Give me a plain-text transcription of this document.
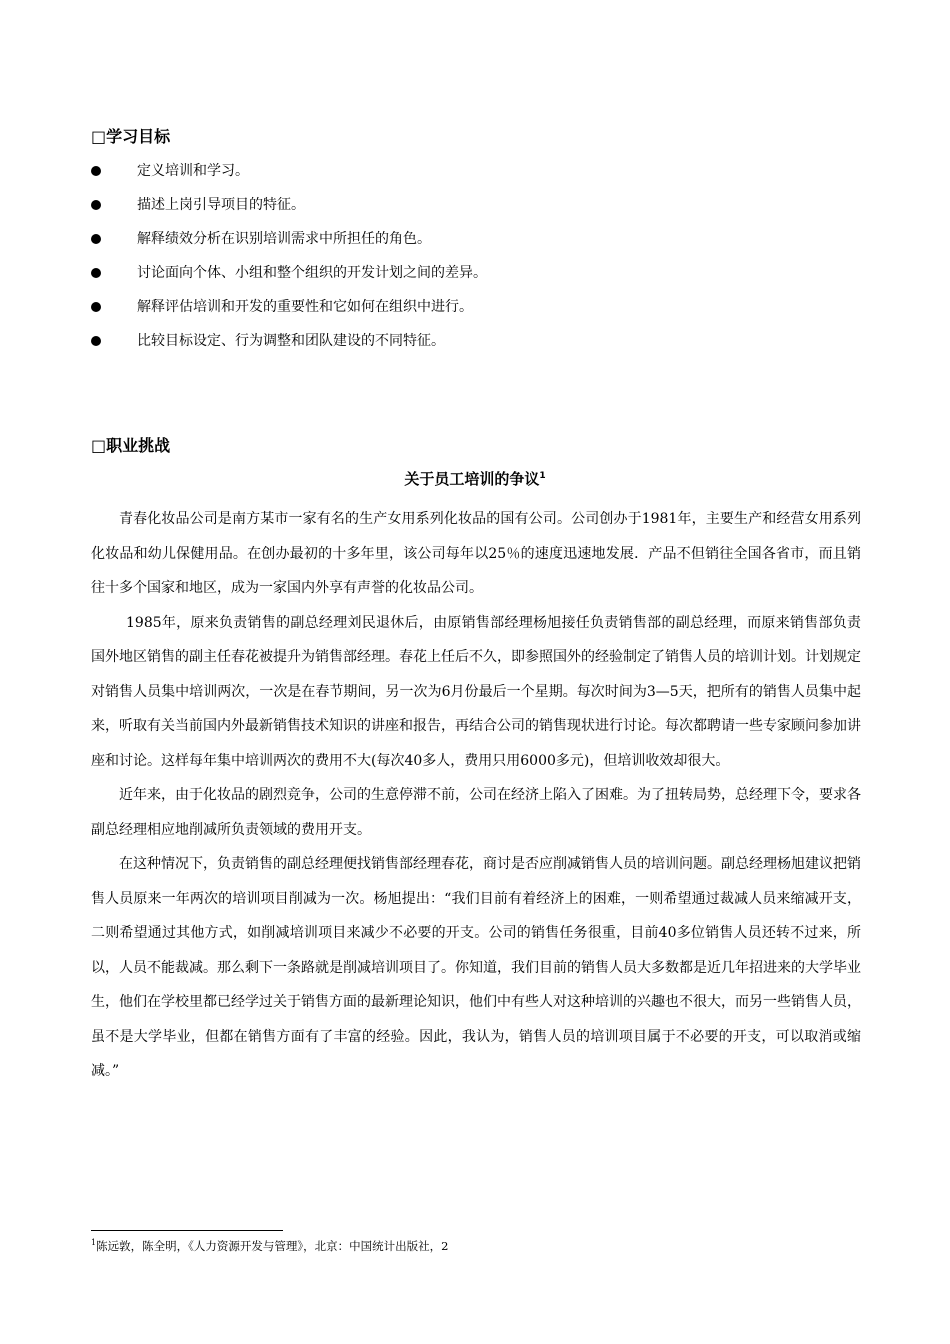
□学习目标
定义培训和学习。
描述上岗引导项目的特征。
解释绩效分析在识别培训需求中所担任的角色。
讨论面向个体、小组和整个组织的开发计划之间的差异。
解释评估培训和开发的重要性和它如何在组织中进行。
比较目标设定、行为调整和团队建设的不同特征。
□职业挑战
关于员工培训的争议$^1$

青春化妆品公司是南方某市一家有名的生产女用系列化妆品的国有公司。公司创办于1981年，主要生产和经营女用系列化妆品和幼儿保健用品。在创办最初的十多年里，该公司每年以25％的速度迅速地发展．产品不但销往全国各省市，而且销往十多个国家和地区，成为一家国内外享有声誉的化妆品公司。

1985年，原来负责销售的副总经理刘民退休后，由原销售部经理杨旭接任负责销售部的副总经理，而原来销售部负责国外地区销售的副主任春花被提升为销售部经理。春花上任后不久，即参照国外的经验制定了销售人员的培训计划。计划规定对销售人员集中培训两次，一次是在春节期间，另一次为6月份最后一个星期。每次时间为3—5天，把所有的销售人员集中起来，听取有关当前国内外最新销售技术知识的讲座和报告，再结合公司的销售现状进行讨论。每次都聘请一些专家顾问参加讲座和讨论。这样每年集中培训两次的费用不大(每次40多人，费用只用6000多元)，但培训收效却很大。

近年来，由于化妆品的剧烈竞争，公司的生意停滞不前，公司在经济上陷入了困难。为了扭转局势，总经理下令，要求各副总经理相应地削减所负责领域的费用开支。

在这种情况下，负责销售的副总经理便找销售部经理春花，商讨是否应削减销售人员的培训问题。副总经理杨旭建议把销售人员原来一年两次的培训项目削减为一次。杨旭提出：“我们目前有着经济上的困难，一则希望通过裁减人员来缩减开支，二则希望通过其他方式，如削减培训项目来减少不必要的开支。公司的销售任务很重，目前40多位销售人员还转不过来，所以，人员不能裁减。那么剩下一条路就是削减培训项目了。你知道，我们目前的销售人员大多数都是近几年招进来的大学毕业生，他们在学校里都已经学过关于销售方面的最新理论知识，他们中有些人对这种培训的兴趣也不很大，而另一些销售人员，虽不是大学毕业，但都在销售方面有了丰富的经验。因此，我认为，销售人员的培训项目属于不必要的开支，可以取消或缩减。”

$^1$陈远敦，陈全明，《人力资源开发与管理》，北京：中国统计出版社，2
